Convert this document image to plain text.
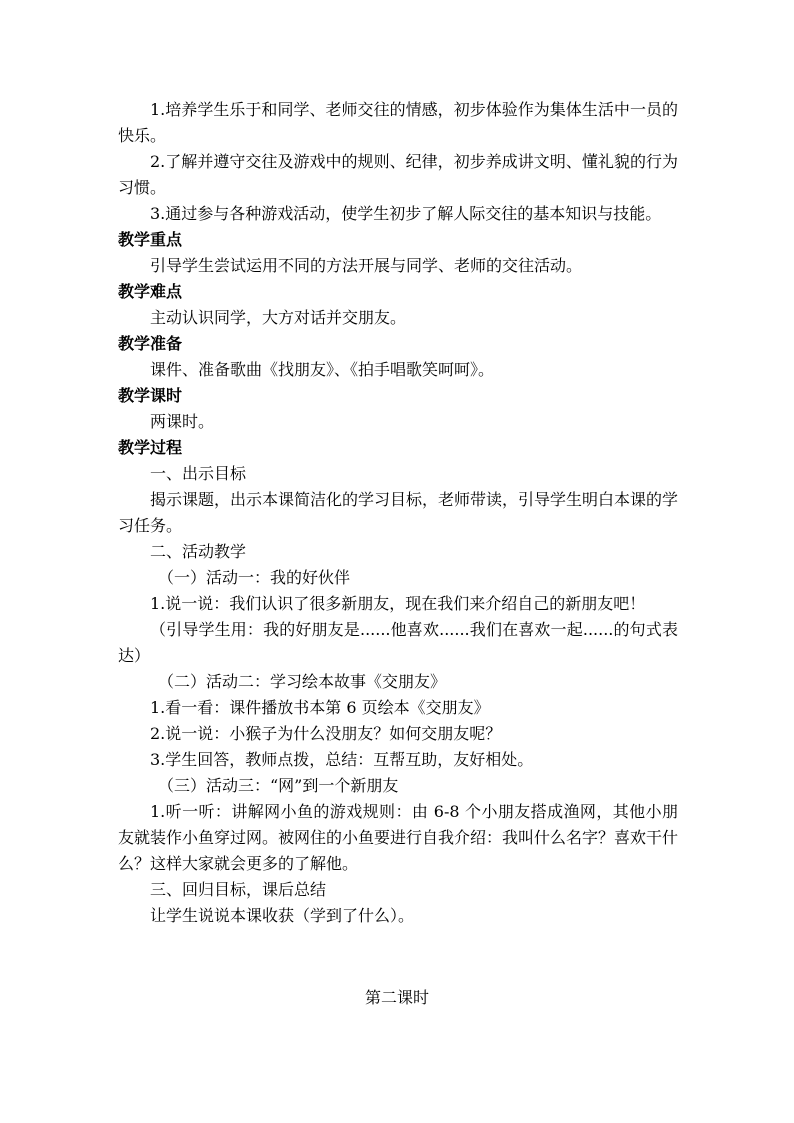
1.培养学生乐于和同学、老师交往的情感，初步体验作为集体生活中一员的快乐。

2.了解并遵守交往及游戏中的规则、纪律，初步养成讲文明、懂礼貌的行为习惯。

3.通过参与各种游戏活动，使学生初步了解人际交往的基本知识与技能。

教学重点

引导学生尝试运用不同的方法开展与同学、老师的交往活动。

教学难点

主动认识同学，大方对话并交朋友。

教学准备

课件、准备歌曲《找朋友》、《拍手唱歌笑呵呵》。

教学课时

两课时。

教学过程

一、出示目标

揭示课题，出示本课简洁化的学习目标，老师带读，引导学生明白本课的学习任务。

二、活动教学

（一）活动一：我的好伙伴

1.说一说：我们认识了很多新朋友，现在我们来介绍自己的新朋友吧！

（引导学生用：我的好朋友是......他喜欢......我们在喜欢一起......的句式表达）

（二）活动二：学习绘本故事《交朋友》

1.看一看：课件播放书本第 6 页绘本《交朋友》

2.说一说：小猴子为什么没朋友？如何交朋友呢？

3.学生回答，教师点拨，总结：互帮互助，友好相处。

（三）活动三：“网”到一个新朋友

1.听一听：讲解网小鱼的游戏规则：由 6-8 个小朋友搭成渔网，其他小朋友就装作小鱼穿过网。被网住的小鱼要进行自我介绍：我叫什么名字？喜欢干什么？这样大家就会更多的了解他。

三、回归目标，课后总结

让学生说说本课收获（学到了什么）。

第二课时
